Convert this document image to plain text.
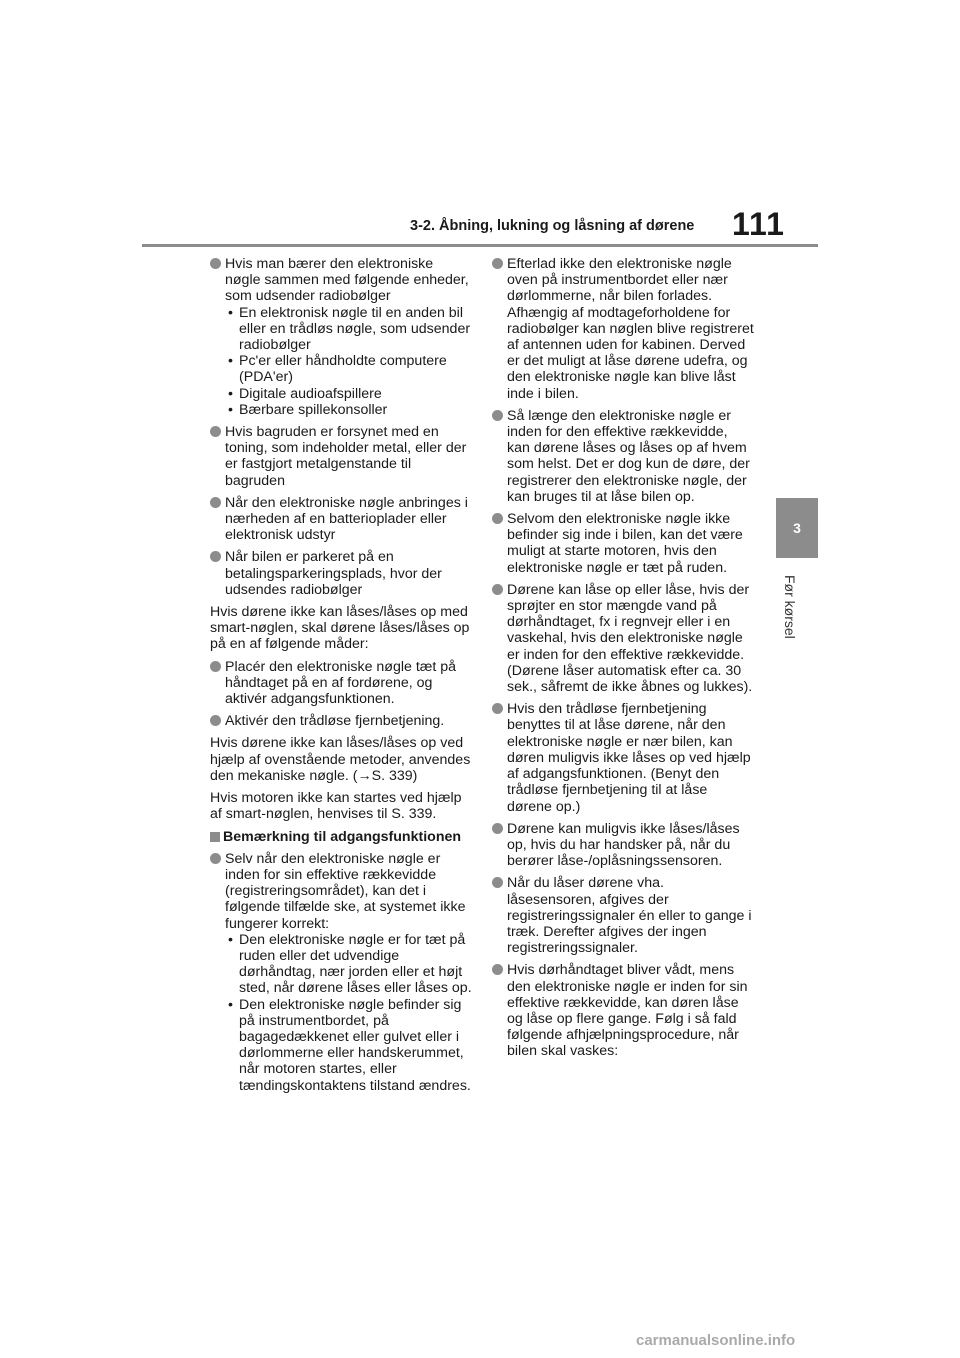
3-2. Åbning, lukning og låsning af dørene 111
3
Før kørsel

Hvis man bærer den elektroniske nøgle sammen med følgende enheder, som udsender radiobølger

• En elektronisk nøgle til en anden bil eller en trådløs nøgle, som udsender radiobølger
• Pc'er eller håndholdte computere (PDA'er)
• Digitale audioafspillere
• Bærbare spillekonsoller

Hvis bagruden er forsynet med en toning, som indeholder metal, eller der er fastgjort metalgenstande til bagruden

Når den elektroniske nøgle anbringes i nærheden af en batterioplader eller elektronisk udstyr

Når bilen er parkeret på en betalingsparkeringsplads, hvor der udsendes radiobølger

Hvis dørene ikke kan låses/låses op med smart-nøglen, skal dørene låses/låses op på en af følgende måder:

Placér den elektroniske nøgle tæt på håndtaget på en af fordørene, og aktivér adgangsfunktionen.

Aktivér den trådløse fjernbetjening.

Hvis dørene ikke kan låses/låses op ved hjælp af ovenstående metoder, anvendes den mekaniske nøgle. (→S. 339)

Hvis motoren ikke kan startes ved hjælp af smart-nøglen, henvises til S. 339.

Bemærkning til adgangsfunktionen

Selv når den elektroniske nøgle er inden for sin effektive rækkevidde (registreringsområdet), kan det i følgende tilfælde ske, at systemet ikke fungerer korrekt:

• Den elektroniske nøgle er for tæt på ruden eller det udvendige dørhåndtag, nær jorden eller et højt sted, når dørene låses eller låses op.
• Den elektroniske nøgle befinder sig på instrumentbordet, på bagagedækkenet eller gulvet eller i dørlommerne eller handskerummet, når motoren startes, eller tændingskontaktens tilstand ændres.

Efterlad ikke den elektroniske nøgle oven på instrumentbordet eller nær dørlommerne, når bilen forlades. Afhængig af modtageforholdene for radiobølger kan nøglen blive registreret af antennen uden for kabinen. Derved er det muligt at låse dørene udefra, og den elektroniske nøgle kan blive låst inde i bilen.

Så længe den elektroniske nøgle er inden for den effektive rækkevidde, kan dørene låses og låses op af hvem som helst. Det er dog kun de døre, der registrerer den elektroniske nøgle, der kan bruges til at låse bilen op.

Selvom den elektroniske nøgle ikke befinder sig inde i bilen, kan det være muligt at starte motoren, hvis den elektroniske nøgle er tæt på ruden.

Dørene kan låse op eller låse, hvis der sprøjter en stor mængde vand på dørhåndtaget, fx i regnvejr eller i en vaskehal, hvis den elektroniske nøgle er inden for den effektive rækkevidde. (Dørene låser automatisk efter ca. 30 sek., såfremt de ikke åbnes og lukkes).

Hvis den trådløse fjernbetjening benyttes til at låse dørene, når den elektroniske nøgle er nær bilen, kan døren muligvis ikke låses op ved hjælp af adgangsfunktionen. (Benyt den trådløse fjernbetjening til at låse dørene op.)

Dørene kan muligvis ikke låses/låses op, hvis du har handsker på, når du berører låse-/oplåsningssensoren.

Når du låser dørene vha. låsesensoren, afgives der registreringssignaler én eller to gange i træk. Derefter afgives der ingen registreringssignaler.

Hvis dørhåndtaget bliver vådt, mens den elektroniske nøgle er inden for sin effektive rækkevidde, kan døren låse og låse op flere gange. Følg i så fald følgende afhjælpningsprocedure, når bilen skal vaskes:

carmanualsonline.info
